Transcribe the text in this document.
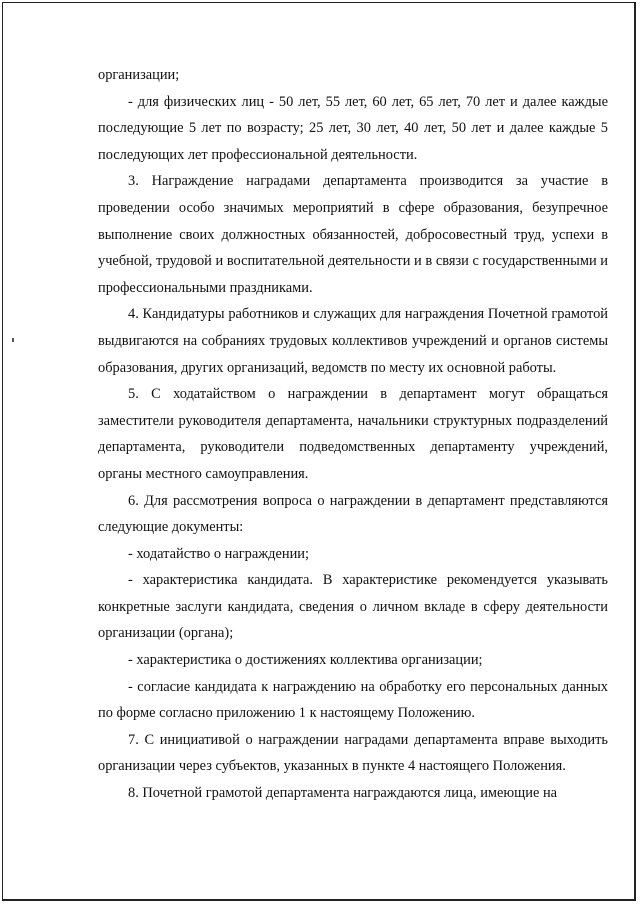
организации;

- для физических лиц - 50 лет, 55 лет, 60 лет, 65 лет, 70 лет и далее каждые последующие 5 лет по возрасту; 25 лет, 30 лет, 40 лет, 50 лет и далее каждые 5 последующих лет профессиональной деятельности.

3. Награждение наградами департамента производится за участие в проведении особо значимых мероприятий в сфере образования, безупречное выполнение своих должностных обязанностей, добросовестный труд, успехи в учебной, трудовой и воспитательной деятельности и в связи с государственными и профессиональными праздниками.

4. Кандидатуры работников и служащих для награждения Почетной грамотой выдвигаются на собраниях трудовых коллективов учреждений и органов системы образования, других организаций, ведомств по месту их основной работы.

5. С ходатайством о награждении в департамент могут обращаться заместители руководителя департамента, начальники структурных подразделений департамента, руководители подведомственных департаменту учреждений, органы местного самоуправления.

6. Для рассмотрения вопроса о награждении в департамент представляются следующие документы:

- ходатайство о награждении;

- характеристика кандидата. В характеристике рекомендуется указывать конкретные заслуги кандидата, сведения о личном вкладе в сферу деятельности организации (органа);

- характеристика о достижениях коллектива организации;

- согласие кандидата к награждению на обработку его персональных данных по форме согласно приложению 1 к настоящему Положению.

7. С инициативой о награждении наградами департамента вправе выходить организации через субъектов, указанных в пункте 4 настоящего Положения.

8. Почетной грамотой департамента награждаются лица, имеющие на
